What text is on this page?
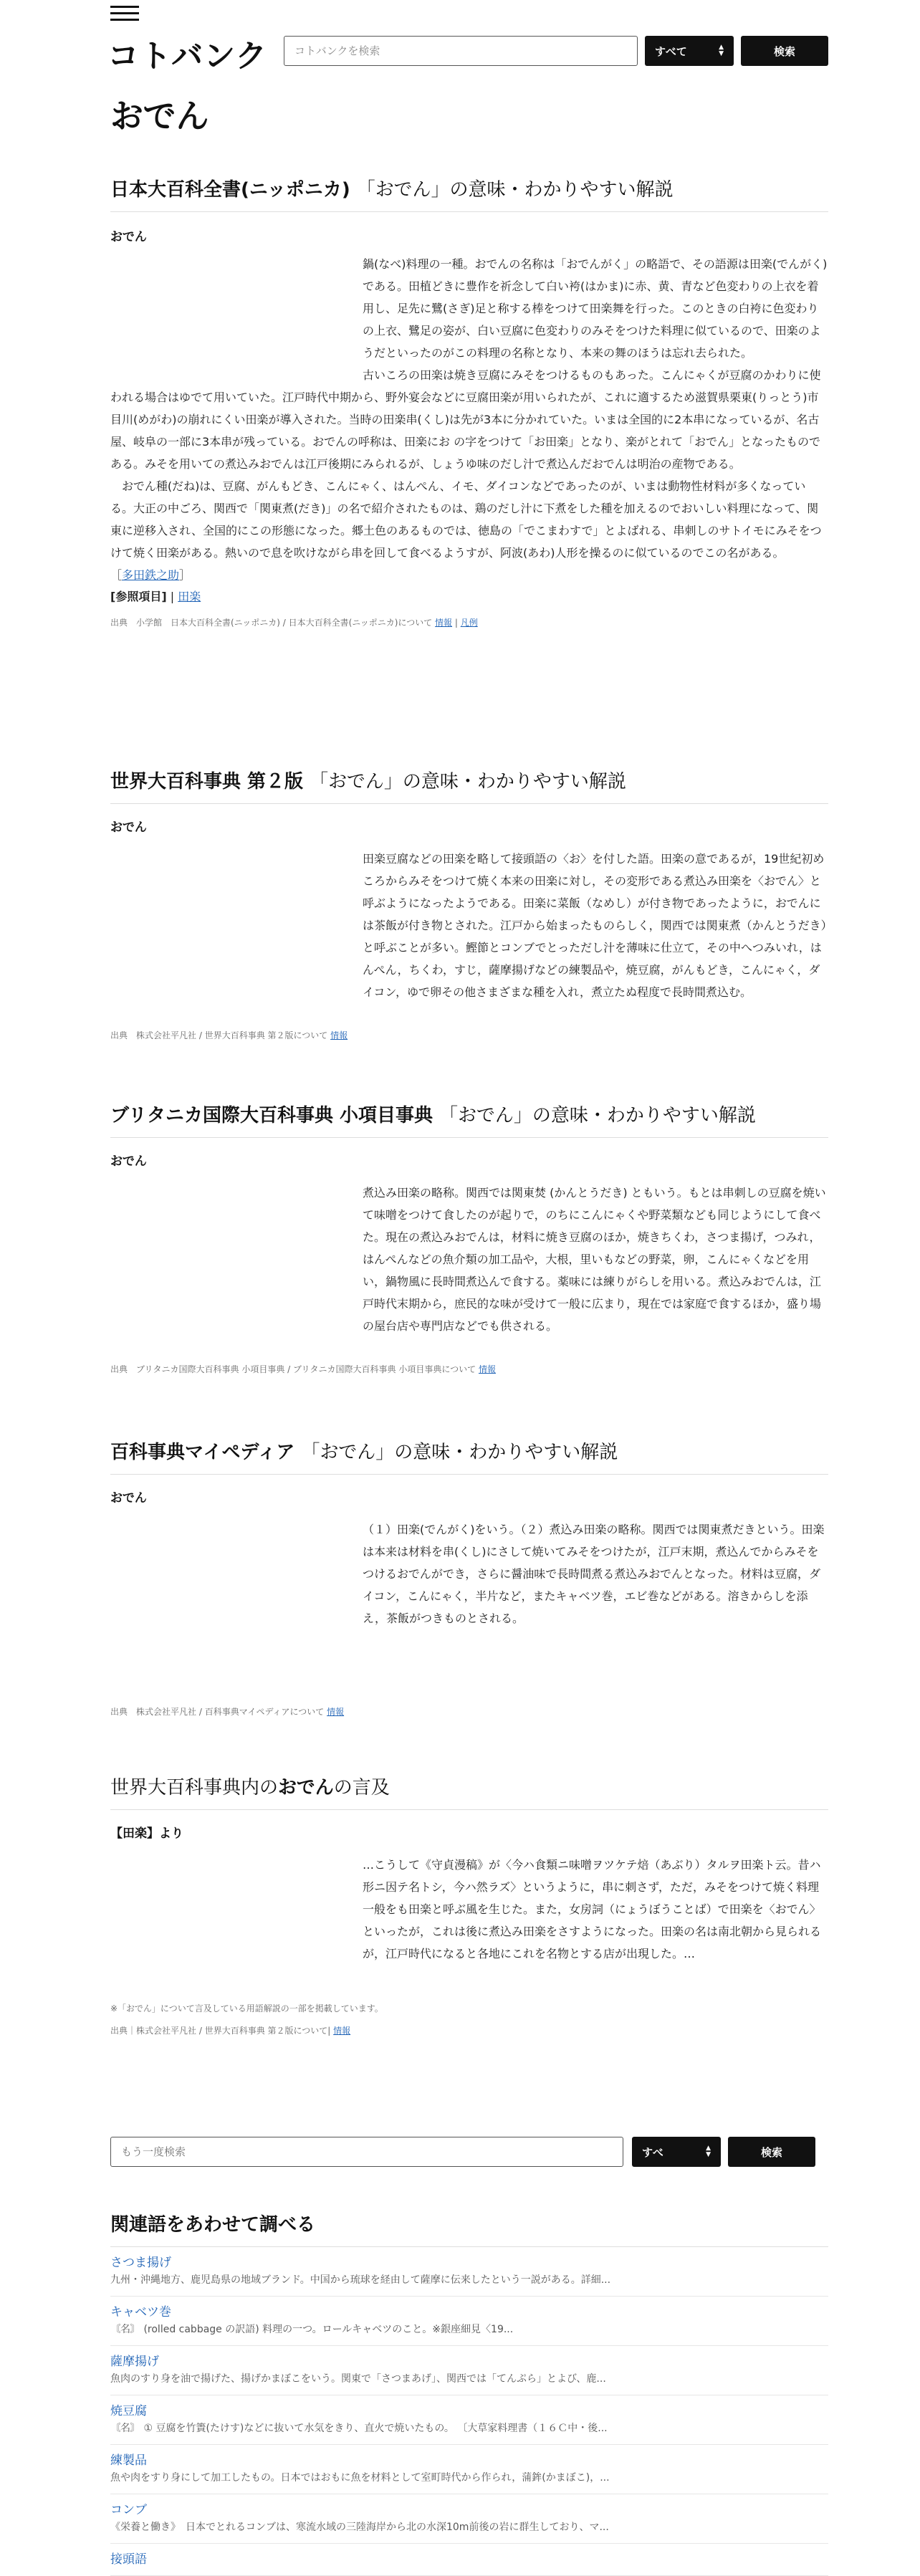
コトバンク
コトバンクを検索	すべて	▲
▼	検索
おでん
日本大百科全書(ニッポニカ) 「おでん」の意味・わかりやすい解説
おでん

鍋(なべ)料理の一種。おでんの名称は「おでんがく」の略語で、その語源は田楽(でんがく)である。田植どきに豊作を祈念して白い袴(はかま)に赤、黄、青など色変わりの上衣を着用し、足先に鷺(さぎ)足と称する棒をつけて田楽舞を行った。このときの白袴に色変わりの上衣、鷺足の姿が、白い豆腐に色変わりのみそをつけた料理に似ているので、田楽のようだといったのがこの料理の名称となり、本来の舞のほうは忘れ去られた。

古いころの田楽は焼き豆腐にみそをつけるものもあった。こんにゃくが豆腐のかわりに使われる場合はゆでて用いていた。江戸時代中期から、野外宴会などに豆腐田楽が用いられたが、これに適するため滋賀県栗東(りっとう)市目川(めがわ)の崩れにくい田楽が導入された。当時の田楽串(くし)は先が3本に分かれていた。いまは全国的に2本串になっているが、名古屋、岐阜の一部に3本串が残っている。おでんの呼称は、田楽にお の字をつけて「お田楽」となり、楽がとれて「おでん」となったものである。みそを用いての煮込みおでんは江戸後期にみられるが、しょうゆ味のだし汁で煮込んだおでんは明治の産物である。

おでん種(だね)は、豆腐、がんもどき、こんにゃく、はんぺん、イモ、ダイコンなどであったのが、いまは動物性材料が多くなっている。大正の中ごろ、関西で「関東煮(だき)」の名で紹介されたものは、鶏のだし汁に下煮をした種を加えるのでおいしい料理になって、関東に逆移入され、全国的にこの形態になった。郷土色のあるものでは、徳島の「でこまわすで」とよばれる、串刺しのサトイモにみそをつけて焼く田楽がある。熱いので息を吹けながら串を回して食べるようすが、阿波(あわ)人形を操るのに似ているのでこの名がある。

［多田鉄之助］

[参照項目] | 田楽

出典　小学館　日本大百科全書(ニッポニカ) / 日本大百科全書(ニッポニカ)について 情報 | 凡例
世界大百科事典 第２版 「おでん」の意味・わかりやすい解説
おでん

田楽豆腐などの田楽を略して接頭語の〈お〉を付した語。田楽の意であるが，19世紀初めころからみそをつけて焼く本来の田楽に対し，その変形である煮込み田楽を〈おでん〉と呼ぶようになったようである。田楽に菜飯（なめし）が付き物であったように，おでんには茶飯が付き物とされた。江戸から始まったものらしく，関西では関東煮（かんとうだき）と呼ぶことが多い。鰹節とコンブでとっただし汁を薄味に仕立て，その中へつみいれ，はんぺん，ちくわ，すじ，薩摩揚げなどの練製品や，焼豆腐，がんもどき，こんにゃく，ダイコン，ゆで卵その他さまざまな種を入れ，煮立たぬ程度で長時間煮込む。

出典　株式会社平凡社 / 世界大百科事典 第２版について 情報
ブリタニカ国際大百科事典 小項目事典 「おでん」の意味・わかりやすい解説
おでん

煮込み田楽の略称。関西では関東焚 (かんとうだき) ともいう。もとは串刺しの豆腐を焼いて味噌をつけて食したのが起りで，のちにこんにゃくや野菜類なども同じようにして食べた。現在の煮込みおでんは，材料に焼き豆腐のほか，焼きちくわ，さつま揚げ，つみれ，はんぺんなどの魚介類の加工品や，大根，里いもなどの野菜，卵，こんにゃくなどを用い，鍋物風に長時間煮込んで食する。薬味には練りがらしを用いる。煮込みおでんは，江戸時代末期から，庶民的な味が受けて一般に広まり，現在では家庭で食するほか，盛り場の屋台店や専門店などでも供される。

出典　ブリタニカ国際大百科事典 小項目事典 / ブリタニカ国際大百科事典 小項目事典について 情報
百科事典マイペディア 「おでん」の意味・わかりやすい解説
おでん

（１）田楽(でんがく)をいう。（２）煮込み田楽の略称。関西では関東煮だきという。田楽は本来は材料を串(くし)にさして焼いてみそをつけたが，江戸末期，煮込んでからみそをつけるおでんができ，さらに醤油味で長時間煮る煮込みおでんとなった。材料は豆腐，ダイコン，こんにゃく，半片など，またキャベツ巻，エビ巻などがある。溶きからしを添え，茶飯がつきものとされる。

出典　株式会社平凡社 / 百科事典マイペディアについて 情報
世界大百科事典内のおでんの言及
【田楽】より

…こうして《守貞漫稿》が〈今ハ食類ニ味噌ヲツケテ焙（あぶり）タルヲ田楽ト云。昔ハ形ニ因テ名トシ，今ハ然ラズ〉というように，串に刺さず，ただ，みそをつけて焼く料理一般をも田楽と呼ぶ風を生じた。また，女房詞（にょうぼうことば）で田楽を〈おでん〉といったが，これは後に煮込み田楽をさすようになった。田楽の名は南北朝から見られるが，江戸時代になると各地にこれを名物とする店が出現した。…

※「おでん」について言及している用語解説の一部を掲載しています。
出典｜株式会社平凡社 / 世界大百科事典 第２版について| 情報
もう一度検索
すべ	▲
▼	検索
関連語をあわせて調べる
さつま揚げ
九州・沖縄地方、鹿児島県の地域ブランド。中国から琉球を経由して薩摩に伝来したという一説がある。詳細...
キャベツ巻
〘名〙 (rolled cabbage の訳語) 料理の一つ。ロールキャベツのこと。※銀座細見〈19...
薩摩揚げ
魚肉のすり身を油で揚げた、揚げかまぼこをいう。関東で「さつまあげ」、関西では「てんぷら」とよび、鹿...
焼豆腐
〘名〙 ① 豆腐を竹簀(たけす)などに抜いて水気をきり、直火で焼いたもの。 〔大草家料理書（１６Ｃ中・後...
練製品
魚や肉をすり身にして加工したもの。日本ではおもに魚を材料として室町時代から作られ，蒲鉾(かまぼこ)，...
コンブ
《栄養と働き》　日本でとれるコンブは、寒流水域の三陸海岸から北の水深10m前後の岩に群生しており、マ...
接頭語
